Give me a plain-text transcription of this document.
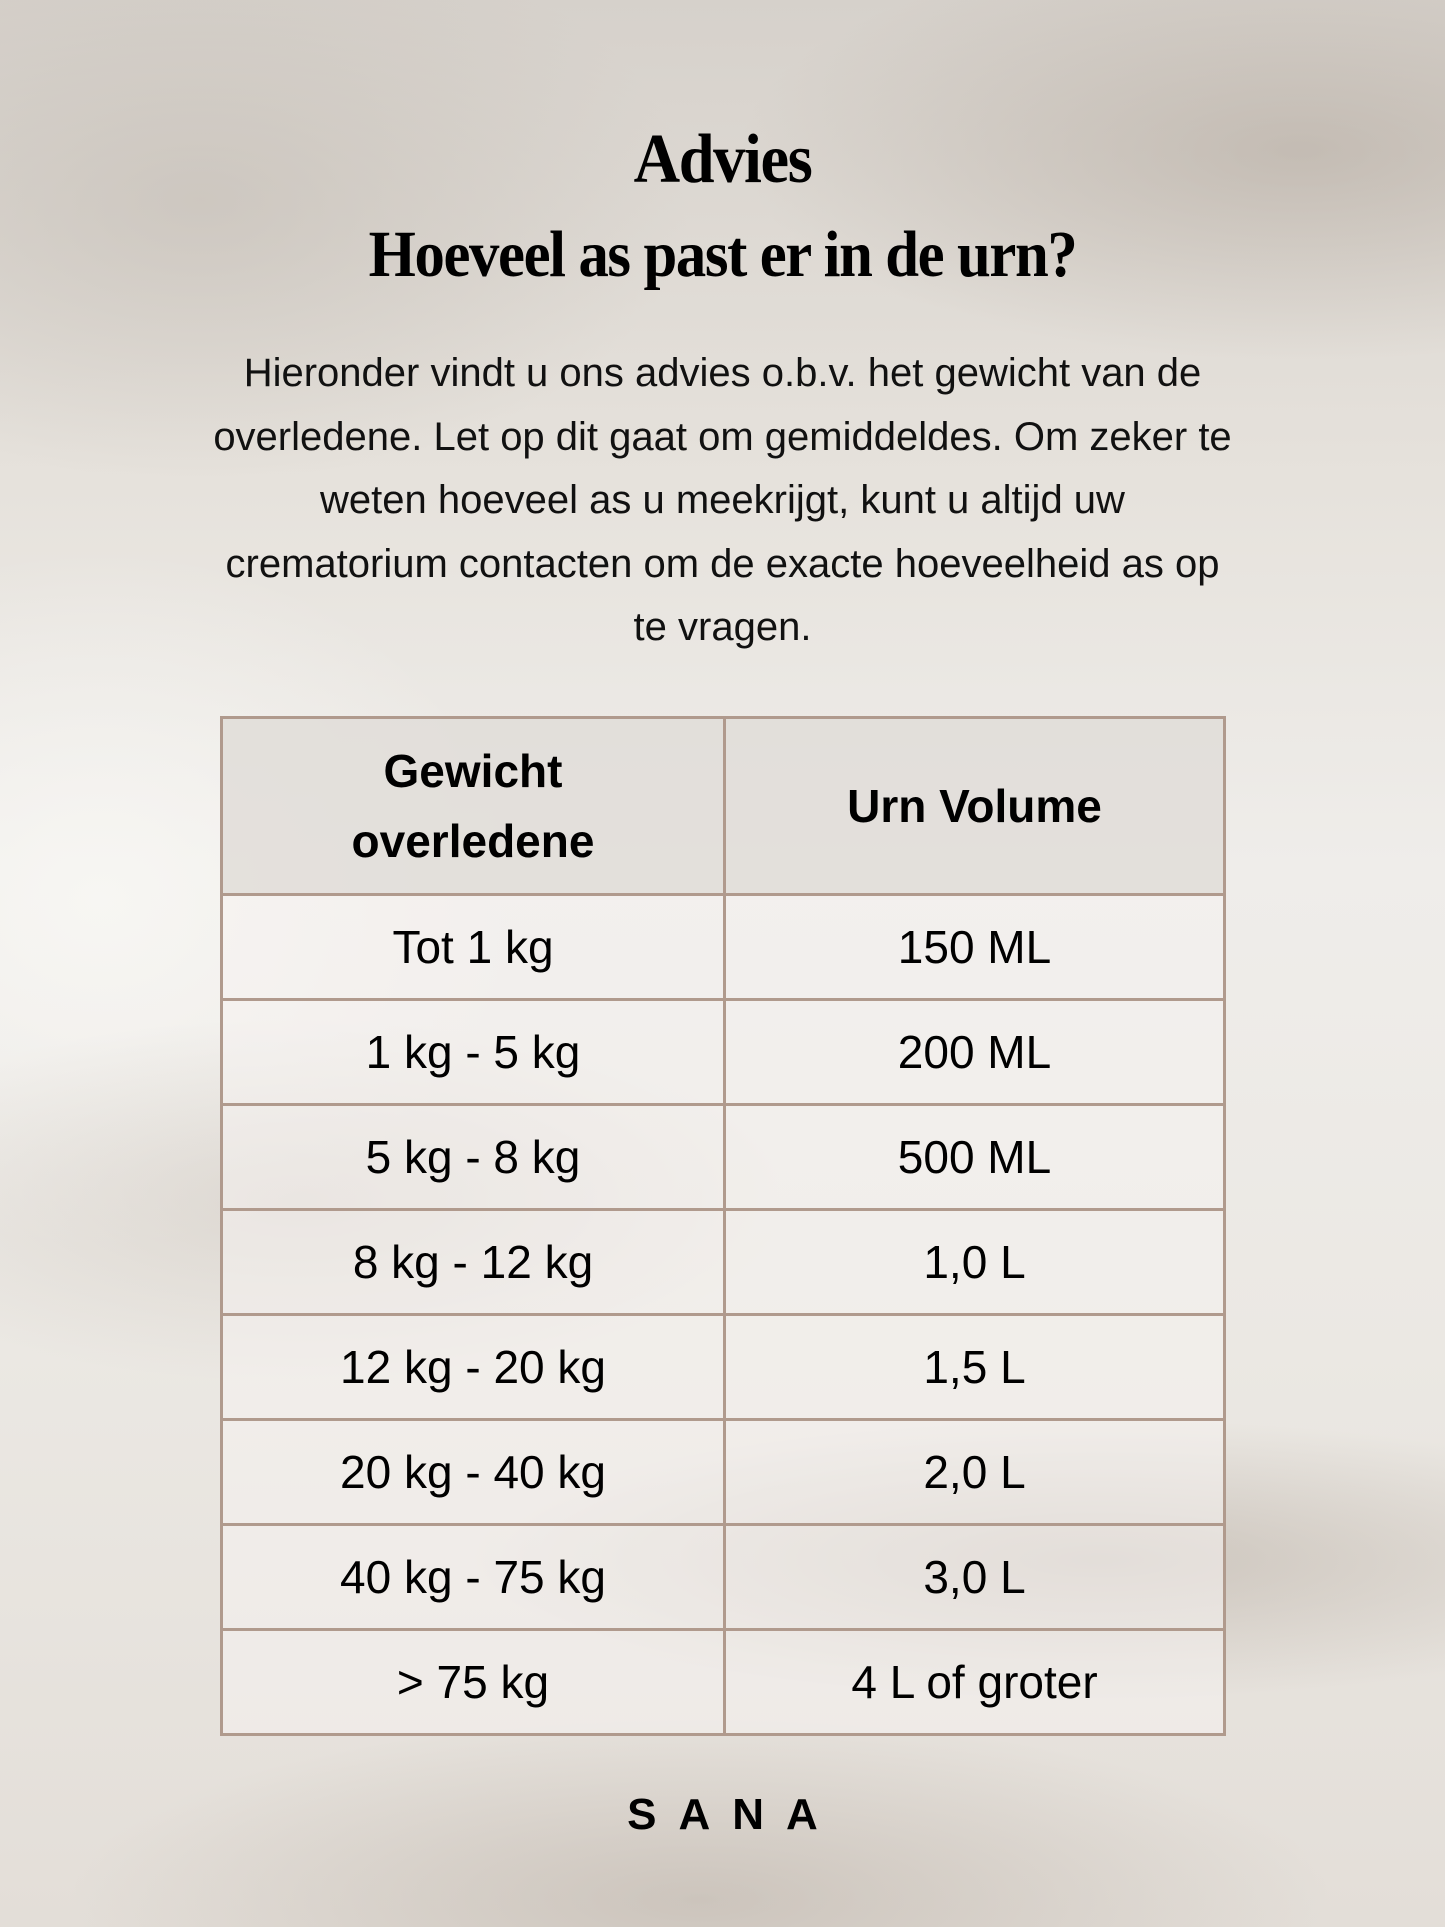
Advies
Hoeveel as past er in de urn?
Hieronder vindt u ons advies o.b.v. het gewicht van de
overledene. Let op dit gaat om gemiddeldes. Om zeker te
weten hoeveel as u meekrijgt, kunt u altijd uw
crematorium contacten om de exacte hoeveelheid as op
te vragen.
Gewicht
overledene	Urn Volume
Tot 1 kg	150 ML
1 kg - 5 kg	200 ML
5 kg - 8 kg	500 ML
8 kg - 12 kg	1,0 L
12 kg - 20 kg	1,5 L
20 kg - 40 kg	2,0 L
40 kg - 75 kg	3,0 L
> 75 kg	4 L of groter
SANA
